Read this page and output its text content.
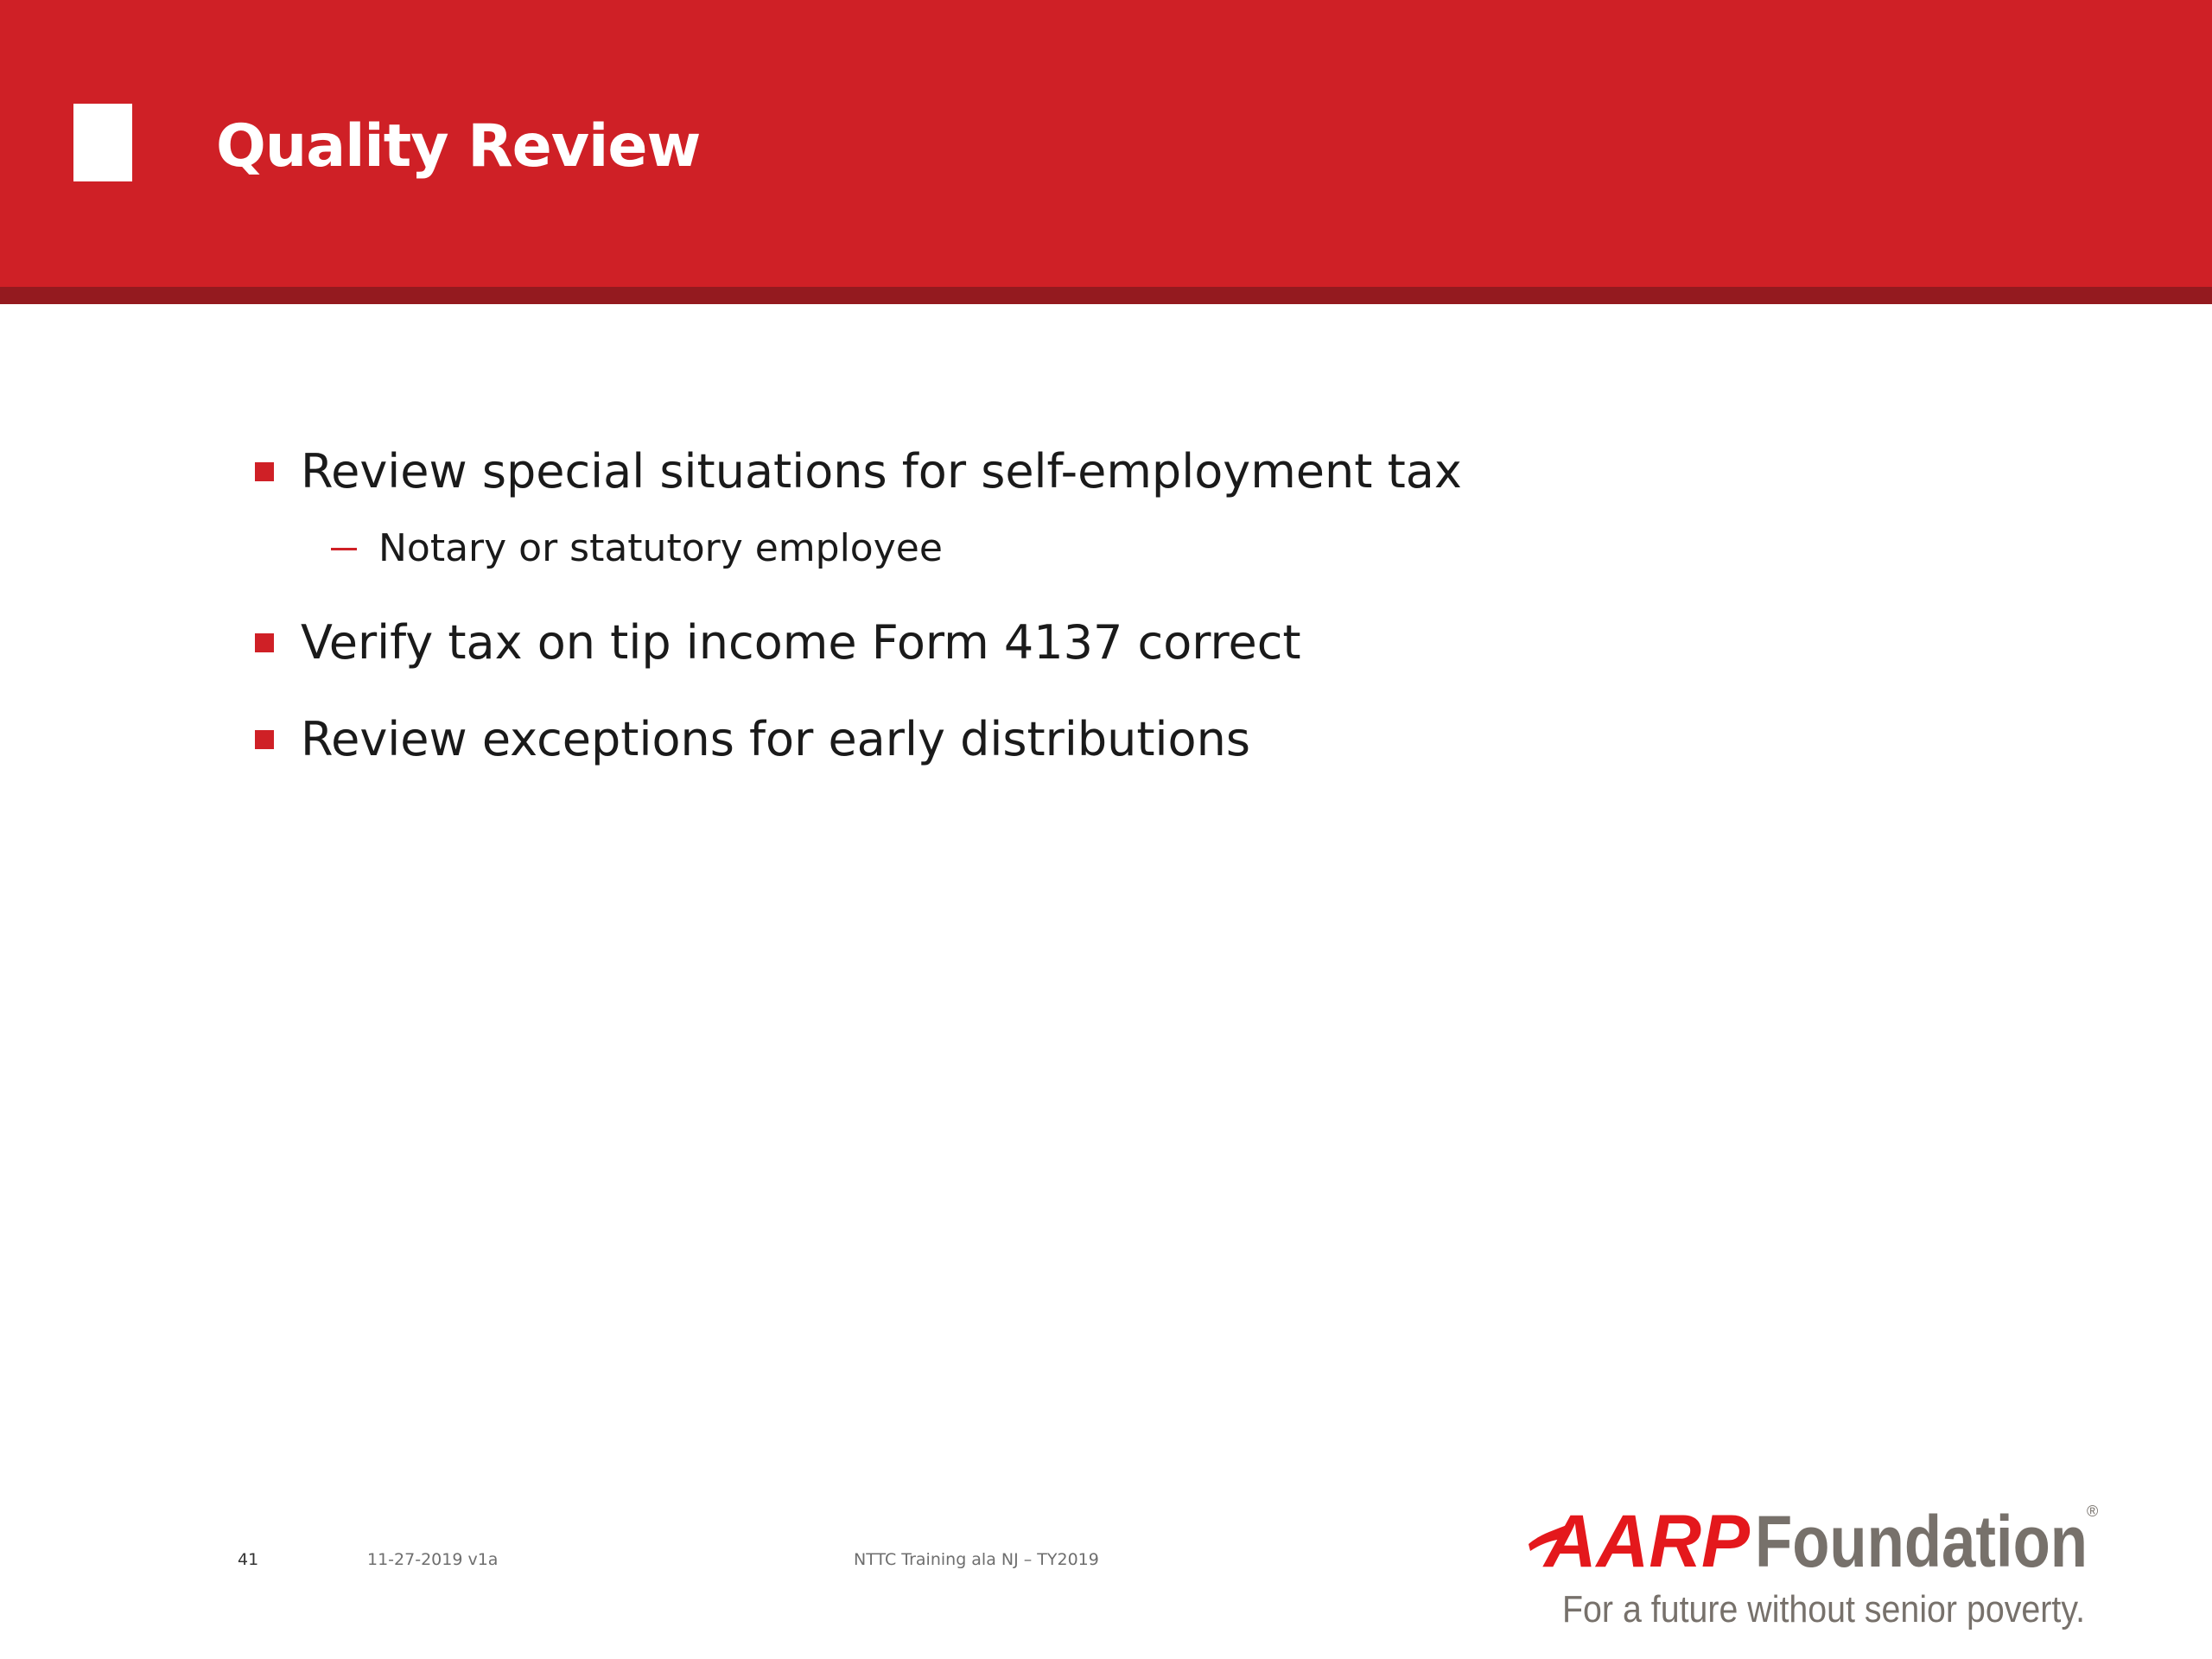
Quality Review
Review special situations for self-employment tax
Notary or statutory employee
Verify tax on tip income Form 4137 correct
Review exceptions for early distributions
41	11-27-2019 v1a	NTTC Training ala NJ – TY2019	AARP Foundation ®
For a future without senior poverty.
